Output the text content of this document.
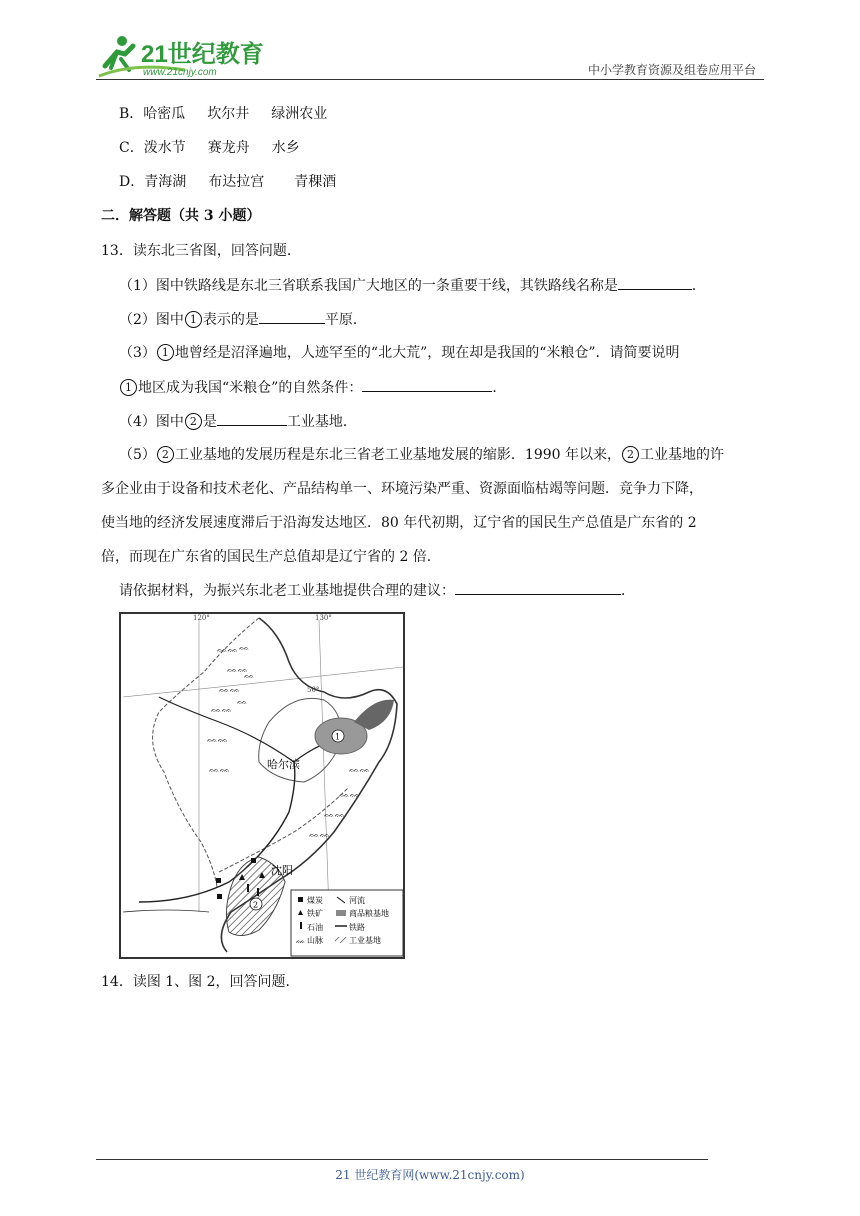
21世纪教育
www.21cnjy.com	中小学教育资源及组卷应用平台
B．哈密瓜 坎尔井 绿洲农业
C．泼水节 赛龙舟 水乡
D．青海湖 布达拉宫 青稞酒
二．解答题（共 3 小题）
13．读东北三省图，回答问题．
（1）图中铁路线是东北三省联系我国广大地区的一条重要干线，其铁路线名称是	．
（2）图中 1 表示的是	平原．
（3） 1 地曾经是沼泽遍地，人迹罕至的“北大荒”，现在却是我国的“米粮仓”．请简要说明
1 地区成为我国“米粮仓”的自然条件：	．
（4）图中 2 是	工业基地．
（5） 2 工业基地的发展历程是东北三省老工业基地发展的缩影．1990 年以来， 2 工业基地的许
多企业由于设备和技术老化、产品结构单一、环境污染严重、资源面临枯竭等问题．竞争力下降，
使当地的经济发展速度滞后于沿海发达地区．80 年代初期，辽宁省的国民生产总值是广东省的 2
倍，而现在广东省的国民生产总值却是辽宁省的 2 倍．
请依据材料，为振兴东北老工业基地提供合理的建议：	．
120°	130°
50°
ᨐᨐ
ᨐᨐ
ᨐᨐ
ᨐᨐ
ᨐᨐ
ᨐᨐ
ᨐ
ᨐ
ᨐ
ᨐᨐ
ᨐᨐ
ᨐᨐ
ᨐᨐ
1
哈尔滨
2
沈阳
煤炭
铁矿
石油
ᨐ 山脉
河流
商品粮基地
铁路
工业基地
14．读图 1、图 2，回答问题．
21 世纪教育网(www.21cnjy.com)
